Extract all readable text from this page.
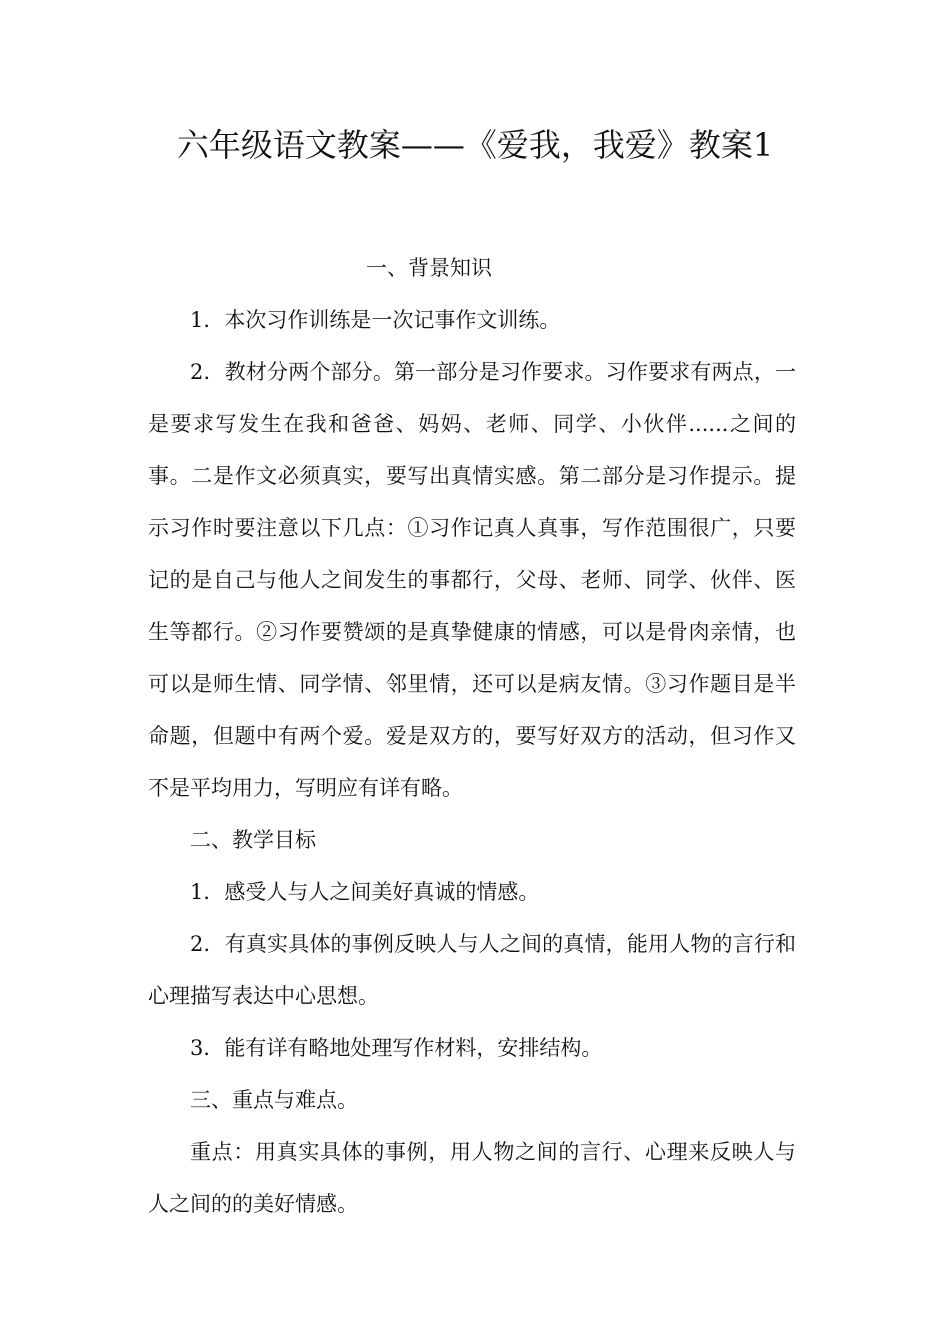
六年级语文教案——《爱我，我爱》教案1

一、背景知识

1．本次习作训练是一次记事作文训练。

2．教材分两个部分。第一部分是习作要求。习作要求有两点，一是要求写发生在我和爸爸、妈妈、老师、同学、小伙伴......之间的事。二是作文必须真实，要写出真情实感。第二部分是习作提示。提示习作时要注意以下几点：①习作记真人真事，写作范围很广，只要记的是自己与他人之间发生的事都行，父母、老师、同学、伙伴、医生等都行。②习作要赞颂的是真挚健康的情感，可以是骨肉亲情，也可以是师生情、同学情、邻里情，还可以是病友情。③习作题目是半命题，但题中有两个爱。爱是双方的，要写好双方的活动，但习作又不是平均用力，写明应有详有略。

二、教学目标

1．感受人与人之间美好真诚的情感。

2．有真实具体的事例反映人与人之间的真情，能用人物的言行和心理描写表达中心思想。

3．能有详有略地处理写作材料，安排结构。

三、重点与难点。

重点：用真实具体的事例，用人物之间的言行、心理来反映人与人之间的的美好情感。
